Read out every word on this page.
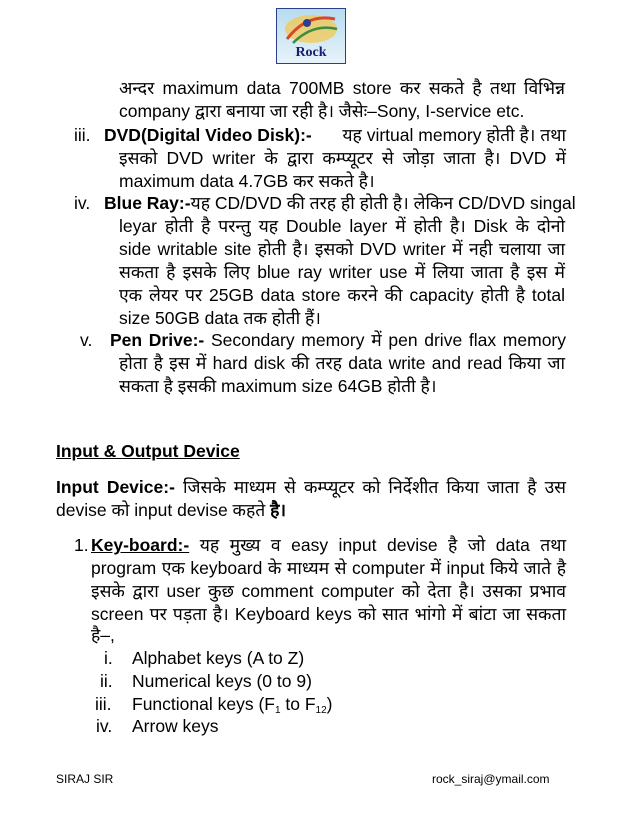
Rock
अन्दर maximum data 700MB store कर सकते है तथा विभिन्न
company द्वारा बनाया जा रही है। जैसेः–Sony, I-service etc.
iii. DVD(Digital Video Disk):- यह virtual memory होती है। तथा
इसको DVD writer के द्वारा कम्प्यूटर से जोड़ा जाता है। DVD में
maximum data 4.7GB कर सकते है।
iv. Blue Ray:-यह CD/DVD की तरह ही होती है। लेकिन CD/DVD singal
leyar होती है परन्तु यह Double layer में होती है। Disk के दोनो
side writable site होती है। इसको DVD writer में नही चलाया जा
सकता है इसके लिए blue ray writer use में लिया जाता है इस में
एक लेयर पर 25GB data store करने की capacity होती है total
size 50GB data तक होती हैं।
v. Pen Drive:- Secondary memory में pen drive flax memory
होता है इस में hard disk की तरह data write and read किया जा
सकता है इसकी maximum size 64GB होती है।
Input & Output Device
Input Device:- जिसके माध्यम से कम्प्यूटर को निर्देशीत किया जाता है उस
devise को input devise कहते है।
1. Key-board:- यह मुख्य व easy input devise है जो data तथा
program एक keyboard के माध्यम से computer में input किये जाते है
इसके द्वारा user कुछ comment computer को देता है। उसका प्रभाव
screen पर पड़ता है। Keyboard keys को सात भांगो में बांटा जा सकता
है–,
i. Alphabet keys (A to Z)
ii. Numerical keys (0 to 9)
iii. Functional keys ($F_1$ to $F_{12}$)
iv. Arrow keys
SIRAJ SIR	rock_siraj@ymail.com
